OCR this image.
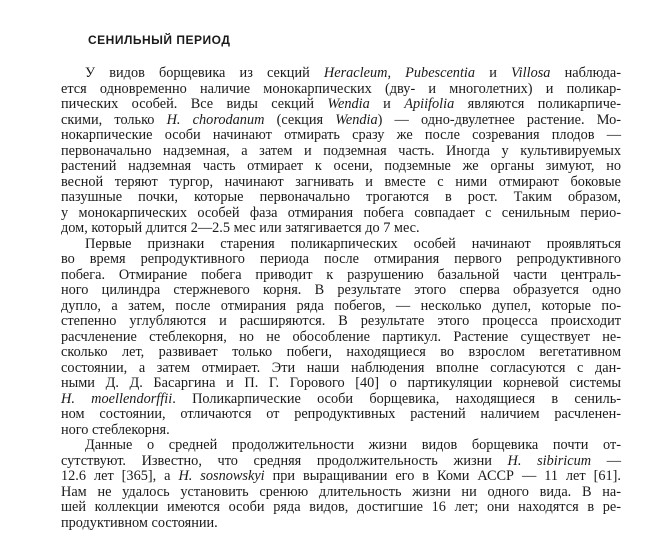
СЕНИЛЬНЫЙ ПЕРИОД
У видов борщевика из секций Heracleum, Pubescentia и Villosa наблюда-
ется одновременно наличие монокарпических (дву- и многолетних) и поликар-
пических особей. Все виды секций Wendia и Apiifolia являются поликарпиче-
скими, только H. chorodanum (секция Wendia) — одно-двулетнее растение. Мо-
нокарпические особи начинают отмирать сразу же после созревания плодов —
первоначально надземная, а затем и подземная часть. Иногда у культивируемых
растений надземная часть отмирает к осени, подземные же органы зимуют, но
весной теряют тургор, начинают загнивать и вместе с ними отмирают боковые
пазушные почки, которые первоначально трогаются в рост. Таким образом,
у монокарпических особей фаза отмирания побега совпадает с сенильным перио-
дом, который длится 2—2.5 мес или затягивается до 7 мес.
Первые признаки старения поликарпических особей начинают проявляться
во время репродуктивного периода после отмирания первого репродуктивного
побега. Отмирание побега приводит к разрушению базальной части централь-
ного цилиндра стержневого корня. В результате этого сперва образуется одно
дупло, а затем, после отмирания ряда побегов, — несколько дупел, которые по-
степенно углубляются и расширяются. В результате этого процесса происходит
расчленение стеблекорня, но не обособление партикул. Растение существует не-
сколько лет, развивает только побеги, находящиеся во взрослом вегетативном
состоянии, а затем отмирает. Эти наши наблюдения вполне согласуются с дан-
ными Д. Д. Басаргина и П. Г. Горового [40] о партикуляции корневой системы
H. moellendorffii. Поликарпические особи борщевика, находящиеся в сениль-
ном состоянии, отличаются от репродуктивных растений наличием расчленен-
ного стеблекорня.
Данные о средней продолжительности жизни видов борщевика почти от-
сутствуют. Известно, что средняя продолжительность жизни H. sibiricum —
12.6 лет [365], а H. sosnowskyi при выращивании его в Коми АССР — 11 лет [61].
Нам не удалось установить сренюю длительность жизни ни одного вида. В на-
шей коллекции имеются особи ряда видов, достигшие 16 лет; они находятся в ре-
продуктивном состоянии.
